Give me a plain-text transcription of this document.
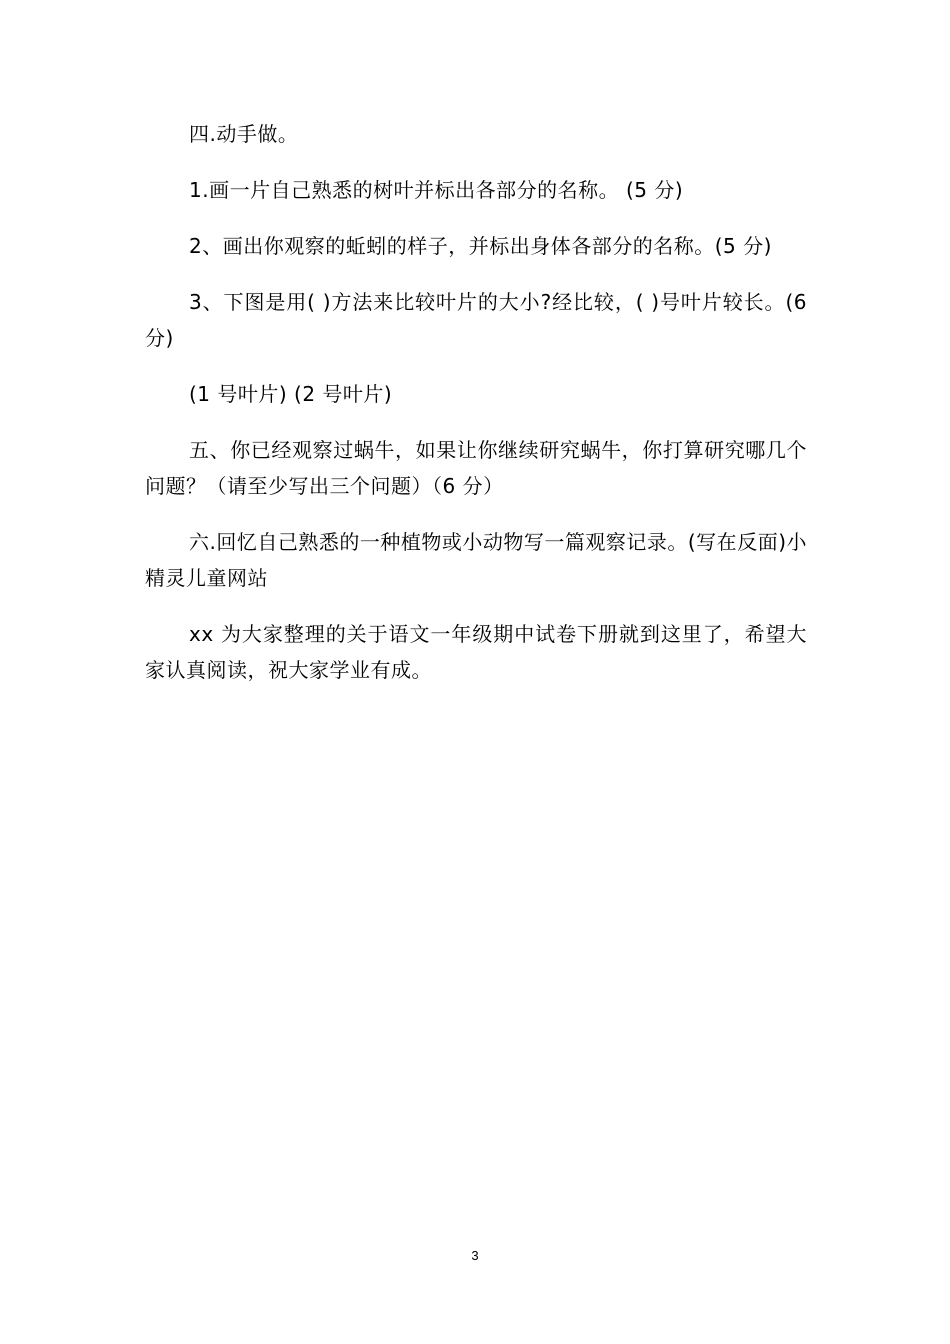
四.动手做。

1.画一片自己熟悉的树叶并标出各部分的名称。 (5 分)

2、画出你观察的蚯蚓的样子，并标出身体各部分的名称。(5 分)

3、下图是用( )方法来比较叶片的大小?经比较，( )号叶片较长。(6 分)

(1 号叶片) (2 号叶片)

五、你已经观察过蜗牛，如果让你继续研究蜗牛，你打算研究哪几个问题？（请至少写出三个问题）（6 分）

六.回忆自己熟悉的一种植物或小动物写一篇观察记录。(写在反面)小精灵儿童网站

xx 为大家整理的关于语文一年级期中试卷下册就到这里了，希望大家认真阅读，祝大家学业有成。

3
